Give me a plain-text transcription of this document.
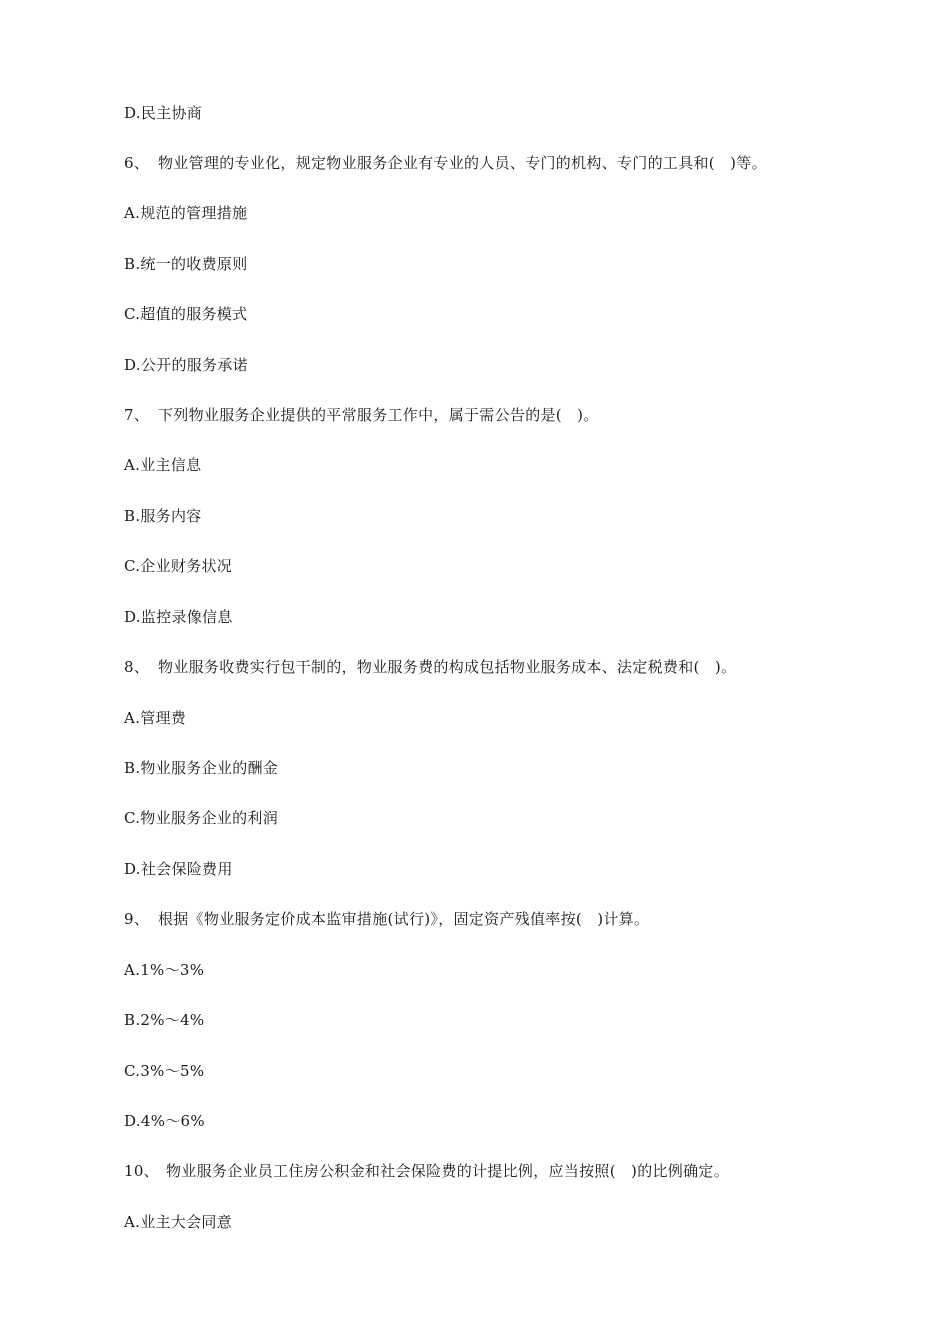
D.民主协商
6、 物业管理的专业化，规定物业服务企业有专业的人员、专门的机构、专门的工具和(   )等。
A.规范的管理措施
B.统一的收费原则
C.超值的服务模式
D.公开的服务承诺
7、 下列物业服务企业提供的平常服务工作中，属于需公告的是(   )。
A.业主信息
B.服务内容
C.企业财务状况
D.监控录像信息
8、 物业服务收费实行包干制的，物业服务费的构成包括物业服务成本、法定税费和(   )。
A.管理费
B.物业服务企业的酬金
C.物业服务企业的利润
D.社会保险费用
9、 根据《物业服务定价成本监审措施(试行)》，固定资产残值率按(   )计算。
A.1%～3%
B.2%～4%
C.3%～5%
D.4%～6%
10、 物业服务企业员工住房公积金和社会保险费的计提比例，应当按照(   )的比例确定。
A.业主大会同意
